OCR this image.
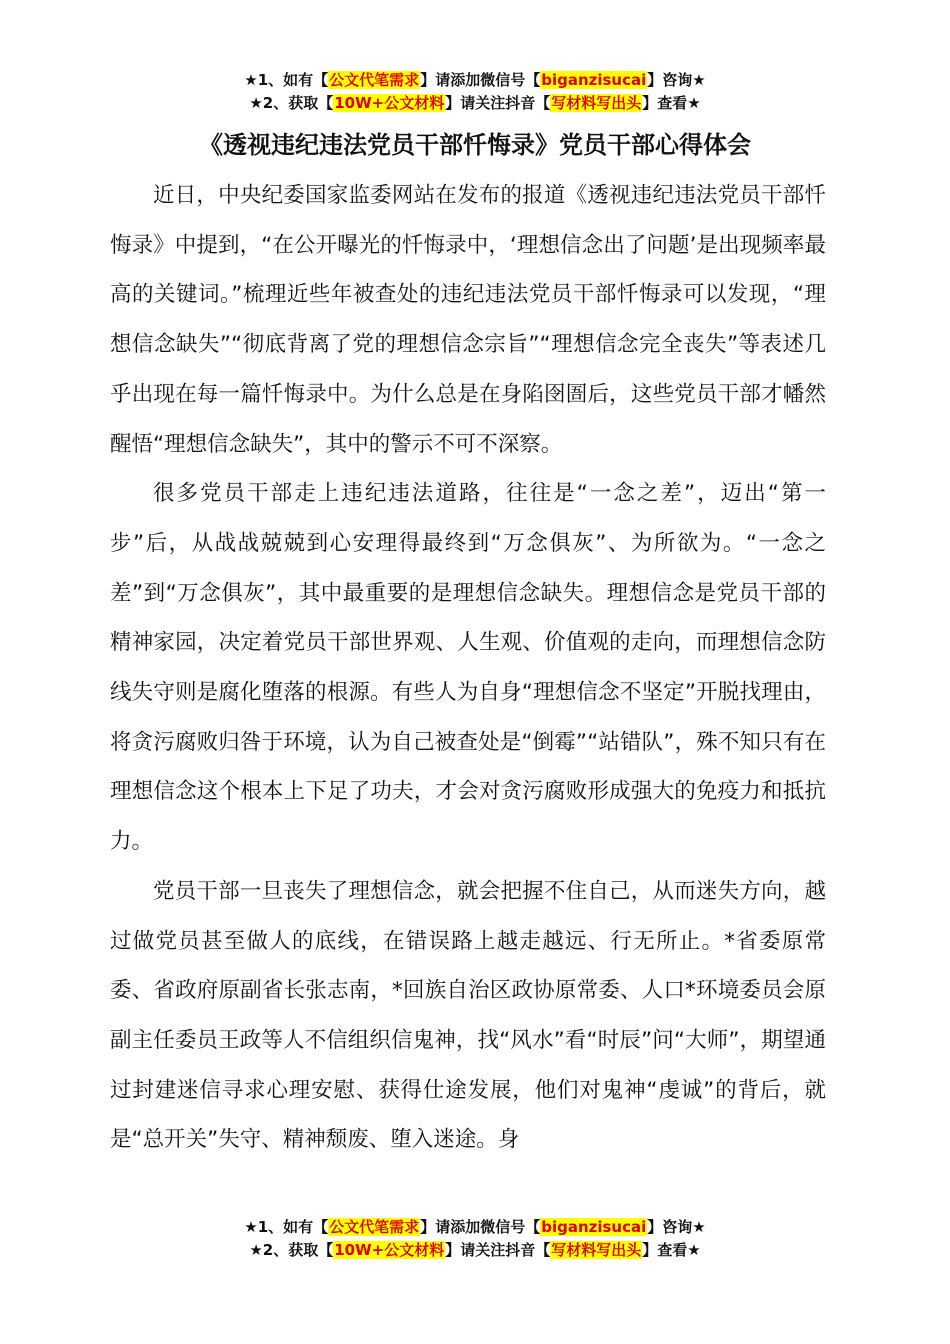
★1、如有【公文代笔需求】请添加微信号【biganzisucai】咨询★
★2、获取【10W+公文材料】请关注抖音【写材料写出头】查看★
《透视违纪违法党员干部忏悔录》党员干部心得体会

近日，中央纪委国家监委网站在发布的报道《透视违纪违法党员干部忏悔录》中提到，“在公开曝光的忏悔录中，‘理想信念出了问题’是出现频率最高的关键词。”梳理近些年被查处的违纪违法党员干部忏悔录可以发现，“理想信念缺失”“彻底背离了党的理想信念宗旨”“理想信念完全丧失”等表述几乎出现在每一篇忏悔录中。为什么总是在身陷囹圄后，这些党员干部才幡然醒悟“理想信念缺失”，其中的警示不可不深察。

很多党员干部走上违纪违法道路，往往是“一念之差”，迈出“第一步”后，从战战兢兢到心安理得最终到“万念俱灰”、为所欲为。“一念之差”到“万念俱灰”，其中最重要的是理想信念缺失。理想信念是党员干部的精神家园，决定着党员干部世界观、人生观、价值观的走向，而理想信念防线失守则是腐化堕落的根源。有些人为自身“理想信念不坚定”开脱找理由，将贪污腐败归咎于环境，认为自己被查处是“倒霉”“站错队”，殊不知只有在理想信念这个根本上下足了功夫，才会对贪污腐败形成强大的免疫力和抵抗力。

党员干部一旦丧失了理想信念，就会把握不住自己，从而迷失方向，越过做党员甚至做人的底线，在错误路上越走越远、行无所止。*省委原常委、省政府原副省长张志南，*回族自治区政协原常委、人口*环境委员会原副主任委员王政等人不信组织信鬼神，找“风水”看“时辰”问“大师”，期望通过封建迷信寻求心理安慰、获得仕途发展，他们对鬼神“虔诚”的背后，就是“总开关”失守、精神颓废、堕入迷途。身

★1、如有【公文代笔需求】请添加微信号【biganzisucai】咨询★
★2、获取【10W+公文材料】请关注抖音【写材料写出头】查看★
